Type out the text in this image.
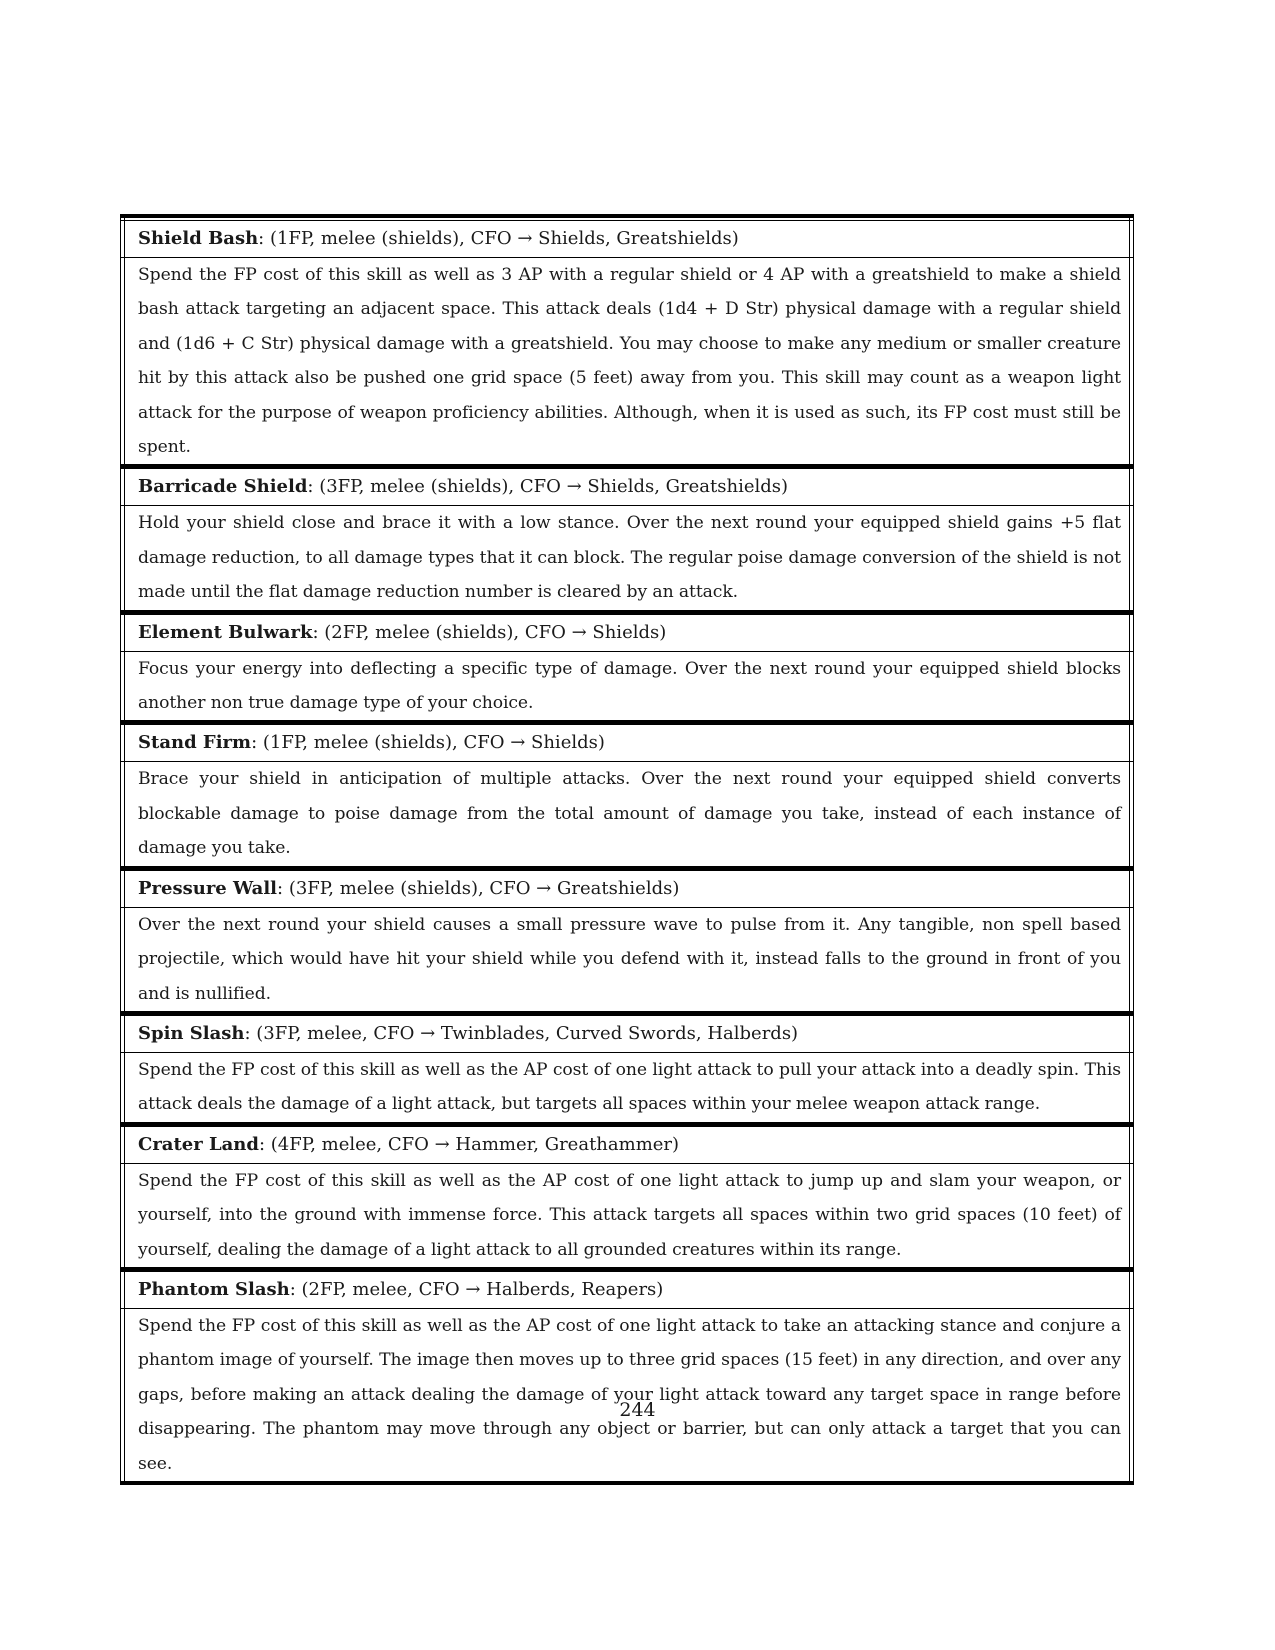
Shield Bash: (1FP, melee (shields), CFO → Shields, Greatshields)
Spend the FP cost of this skill as well as 3 AP with a regular shield or 4 AP with a greatshield to make a shield bash attack targeting an adjacent space. This attack deals (1d4 + D Str) physical damage with a regular shield and (1d6 + C Str) physical damage with a greatshield. You may choose to make any medium or smaller creature hit by this attack also be pushed one grid space (5 feet) away from you. This skill may count as a weapon light attack for the purpose of weapon proficiency abilities. Although, when it is used as such, its FP cost must still be spent.
Barricade Shield: (3FP, melee (shields), CFO → Shields, Greatshields)
Hold your shield close and brace it with a low stance. Over the next round your equipped shield gains +5 flat damage reduction, to all damage types that it can block. The regular poise damage conversion of the shield is not made until the flat damage reduction number is cleared by an attack.
Element Bulwark: (2FP, melee (shields), CFO → Shields)
Focus your energy into deflecting a specific type of damage. Over the next round your equipped shield blocks another non true damage type of your choice.
Stand Firm: (1FP, melee (shields), CFO → Shields)
Brace your shield in anticipation of multiple attacks. Over the next round your equipped shield converts blockable damage to poise damage from the total amount of damage you take, instead of each instance of damage you take.
Pressure Wall: (3FP, melee (shields), CFO → Greatshields)
Over the next round your shield causes a small pressure wave to pulse from it. Any tangible, non spell based projectile, which would have hit your shield while you defend with it, instead falls to the ground in front of you and is nullified.
Spin Slash: (3FP, melee, CFO → Twinblades, Curved Swords, Halberds)
Spend the FP cost of this skill as well as the AP cost of one light attack to pull your attack into a deadly spin. This attack deals the damage of a light attack, but targets all spaces within your melee weapon attack range.
Crater Land: (4FP, melee, CFO → Hammer, Greathammer)
Spend the FP cost of this skill as well as the AP cost of one light attack to jump up and slam your weapon, or yourself, into the ground with immense force. This attack targets all spaces within two grid spaces (10 feet) of yourself, dealing the damage of a light attack to all grounded creatures within its range.
Phantom Slash: (2FP, melee, CFO → Halberds, Reapers)
Spend the FP cost of this skill as well as the AP cost of one light attack to take an attacking stance and conjure a phantom image of yourself. The image then moves up to three grid spaces (15 feet) in any direction, and over any gaps, before making an attack dealing the damage of your light attack toward any target space in range before disappearing. The phantom may move through any object or barrier, but can only attack a target that you can see.
244
